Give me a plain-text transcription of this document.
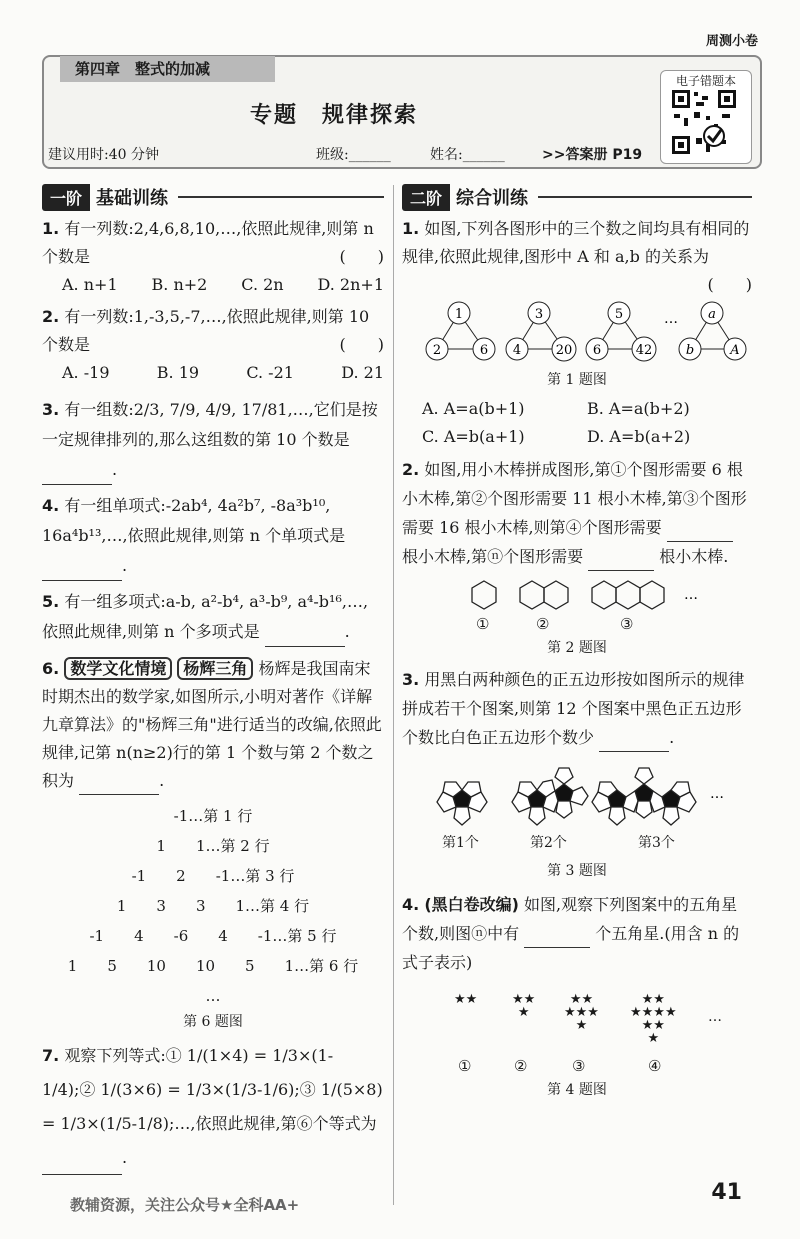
周测小卷
第四章　整式的加减
专题　规律探索
建议用时:40 分钟	班级:______	姓名:______	>>答案册 P19
电子错题本
一阶 基础训练
1. 有一列数:2,4,6,8,10,…,依照此规律,则第 n 个数是	(　　)
A. n+1 B. n+2 C. 2n D. 2n+1
2. 有一列数:1,-3,5,-7,…,依照此规律,则第 10 个数是	(　　)
A. -19	B. 19	C. -21	D. 21
3. 有一组数:2/3, 7/9, 4/9, 17/81,…,它们是按一定规律排列的,那么这组数的第 10 个数是 .
4. 有一组单项式:-2ab⁴, 4a²b⁷, -8a³b¹⁰, 16a⁴b¹³,…,依照此规律,则第 n 个单项式是 .
5. 有一组多项式:a-b, a²-b⁴, a³-b⁹, a⁴-b¹⁶,…,依照此规律,则第 n 个多项式是	.
6. 数学文化情境 杨辉三角 杨辉是我国南宋时期杰出的数学家,如图所示,小明对著作《详解九章算法》的"杨辉三角"进行适当的改编,依照此规律,记第 n(n≥2)行的第 1 个数与第 2 个数之积为	.
-1…第 1 行
1　　1…第 2 行
-1　　2　　-1…第 3 行
1　　3　　3　　1…第 4 行
-1　　4　　-6　　4　　-1…第 5 行
1　　5　　10　　10　　5　　1…第 6 行
…
第 6 题图
7. 观察下列等式:① 1/(1×4) = 1/3×(1-1/4);② 1/(3×6) = 1/3×(1/3-1/6);③ 1/(5×8) = 1/3×(1/5-1/8);…,依照此规律,第⑥个等式为 .
二阶 综合训练
1. 如图,下列各图形中的三个数之间均具有相同的规律,依照此规律,图形中 A 和 a,b 的关系为
(　　)
1
2	6
3
4	20
5
6	42
… a
b	A
第 1 题图
A. A=a(b+1)	B. A=a(b+2)
C. A=b(a+1)	D. A=b(a+2)
2. 如图,用小木棒拼成图形,第①个图形需要 6 根小木棒,第②个图形需要 11 根小木棒,第③个图形需要 16 根小木棒,则第④个图形需要  根小木棒,第ⓝ个图形需要	根小木棒.
…
①	②	③
第 2 题图
3. 用黑白两种颜色的正五边形按如图所示的规律拼成若干个图案,则第 12 个图案中黑色正五边形个数比白色正五边形个数少	.
…
第1个	第2个	第3个
第 3 题图
4. (黑白卷改编) 如图,观察下列图案中的五角星个数,则图ⓝ中有	个五角星.(用含 n 的式子表示)
★★	★★
★
★★
★★★
★
★★
★★★★
★★
★
…
①	②	③	④
第 4 题图
教辅资源，关注公众号★全科AA+	41
